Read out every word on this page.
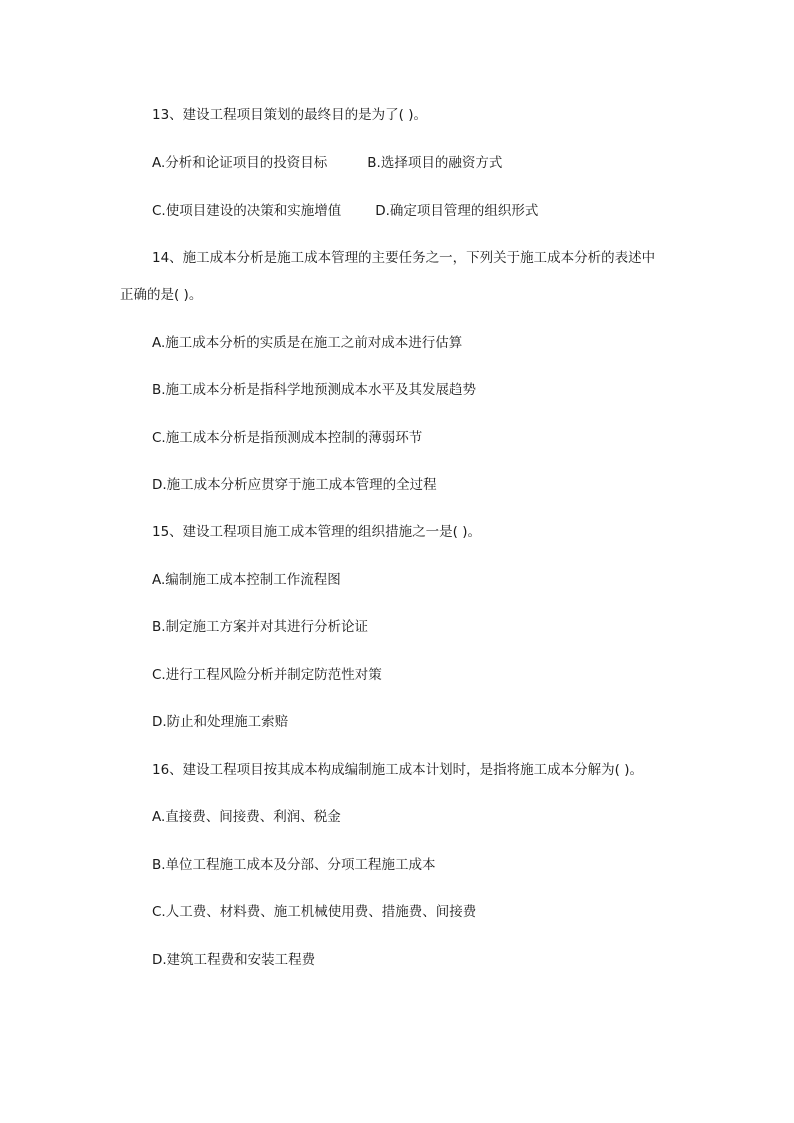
13、建设工程项目策划的最终目的是为了( )。
A.分析和论证项目的投资目标	B.选择项目的融资方式
C.使项目建设的决策和实施增值	D.确定项目管理的组织形式
14、施工成本分析是施工成本管理的主要任务之一，下列关于施工成本分析的表述中
正确的是( )。
A.施工成本分析的实质是在施工之前对成本进行估算
B.施工成本分析是指科学地预测成本水平及其发展趋势
C.施工成本分析是指预测成本控制的薄弱环节
D.施工成本分析应贯穿于施工成本管理的全过程
15、建设工程项目施工成本管理的组织措施之一是( )。
A.编制施工成本控制工作流程图
B.制定施工方案并对其进行分析论证
C.进行工程风险分析并制定防范性对策
D.防止和处理施工索赔
16、建设工程项目按其成本构成编制施工成本计划时，是指将施工成本分解为( )。
A.直接费、间接费、利润、税金
B.单位工程施工成本及分部、分项工程施工成本
C.人工费、材料费、施工机械使用费、措施费、间接费
D.建筑工程费和安装工程费
